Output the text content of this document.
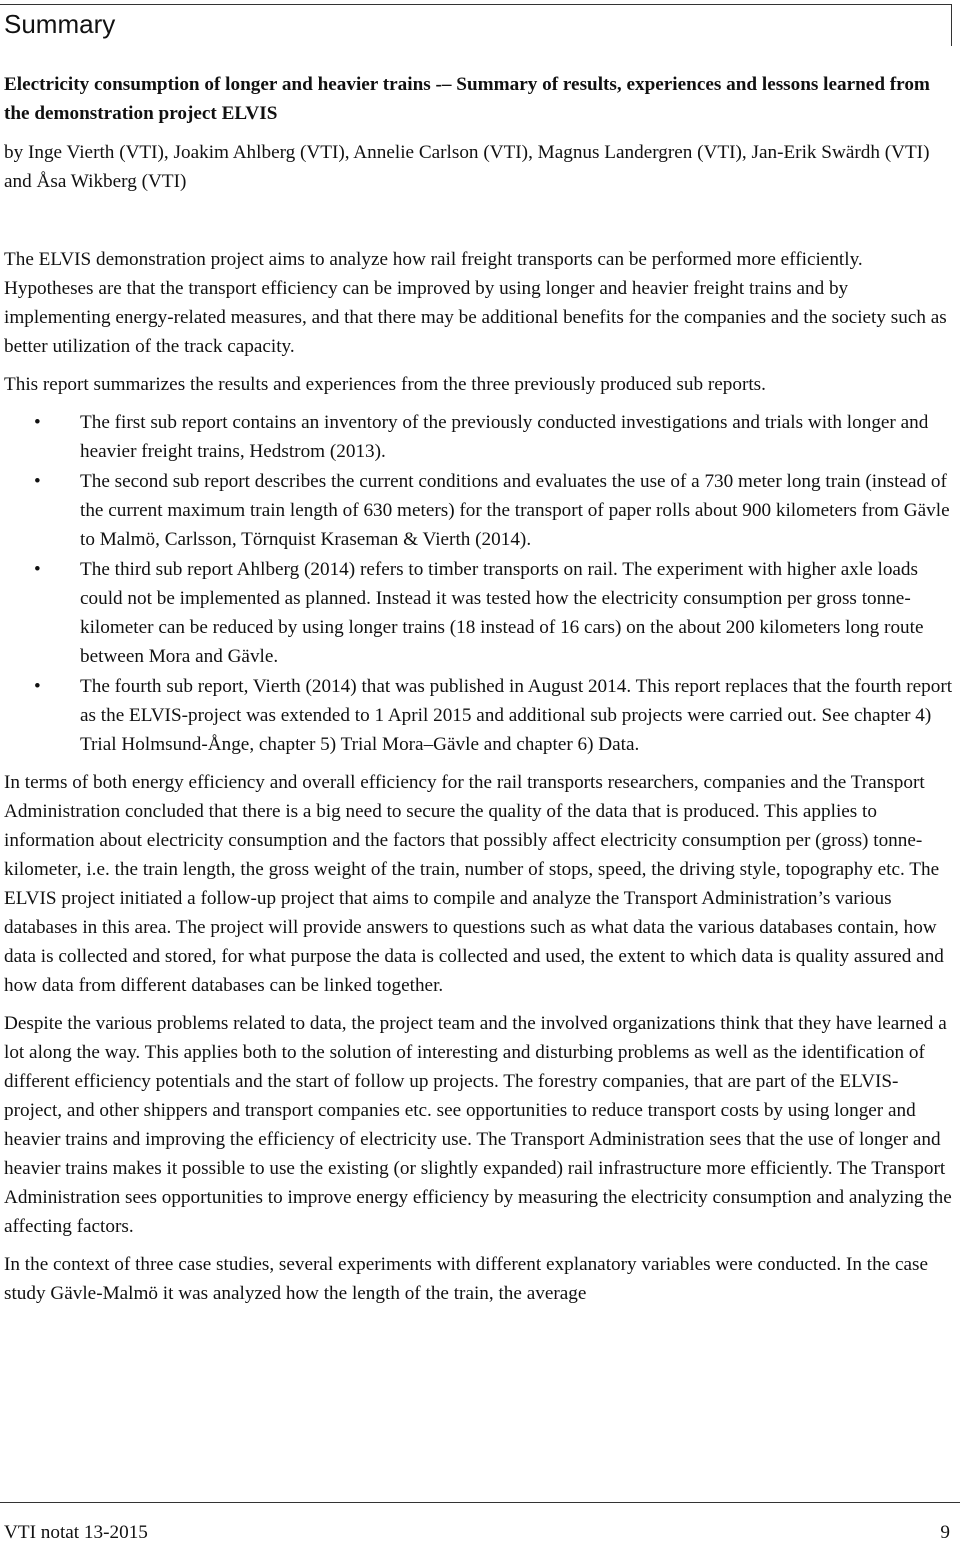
Summary
Electricity consumption of longer and heavier trains -– Summary of results, experiences and lessons learned from the demonstration project ELVIS

by Inge Vierth (VTI), Joakim Ahlberg (VTI), Annelie Carlson (VTI), Magnus Landergren (VTI), Jan-Erik Swärdh (VTI) and Åsa Wikberg (VTI)

The ELVIS demonstration project aims to analyze how rail freight transports can be performed more efficiently. Hypotheses are that the transport efficiency can be improved by using longer and heavier freight trains and by implementing energy-related measures, and that there may be additional benefits for the companies and the society such as better utilization of the track capacity.

This report summarizes the results and experiences from the three previously produced sub reports.

• The first sub report contains an inventory of the previously conducted investigations and trials with longer and heavier freight trains, Hedstrom (2013).
• The second sub report describes the current conditions and evaluates the use of a 730 meter long train (instead of the current maximum train length of 630 meters) for the transport of paper rolls about 900 kilometers from Gävle to Malmö, Carlsson, Törnquist Kraseman & Vierth (2014).
• The third sub report Ahlberg (2014) refers to timber transports on rail. The experiment with higher axle loads could not be implemented as planned. Instead it was tested how the electricity consumption per gross tonne-kilometer can be reduced by using longer trains (18 instead of 16 cars) on the about 200 kilometers long route between Mora and Gävle.
• The fourth sub report, Vierth (2014) that was published in August 2014. This report replaces that the fourth report as the ELVIS-project was extended to 1 April 2015 and additional sub projects were carried out. See chapter 4) Trial Holmsund-Ånge, chapter 5) Trial Mora–Gävle and chapter 6) Data.

In terms of both energy efficiency and overall efficiency for the rail transports researchers, companies and the Transport Administration concluded that there is a big need to secure the quality of the data that is produced. This applies to information about electricity consumption and the factors that possibly affect electricity consumption per (gross) tonne-kilometer, i.e. the train length, the gross weight of the train, number of stops, speed, the driving style, topography etc. The ELVIS project initiated a follow-up project that aims to compile and analyze the Transport Administration’s various databases in this area. The project will provide answers to questions such as what data the various databases contain, how data is collected and stored, for what purpose the data is collected and used, the extent to which data is quality assured and how data from different databases can be linked together.

Despite the various problems related to data, the project team and the involved organizations think that they have learned a lot along the way. This applies both to the solution of interesting and disturbing problems as well as the identification of different efficiency potentials and the start of follow up projects. The forestry companies, that are part of the ELVIS-project, and other shippers and transport companies etc. see opportunities to reduce transport costs by using longer and heavier trains and improving the efficiency of electricity use. The Transport Administration sees that the use of longer and heavier trains makes it possible to use the existing (or slightly expanded) rail infrastructure more efficiently. The Transport Administration sees opportunities to improve energy efficiency by measuring the electricity consumption and analyzing the affecting factors.

In the context of three case studies, several experiments with different explanatory variables were conducted. In the case study Gävle-Malmö it was analyzed how the length of the train, the average

VTI notat 13-2015	9
